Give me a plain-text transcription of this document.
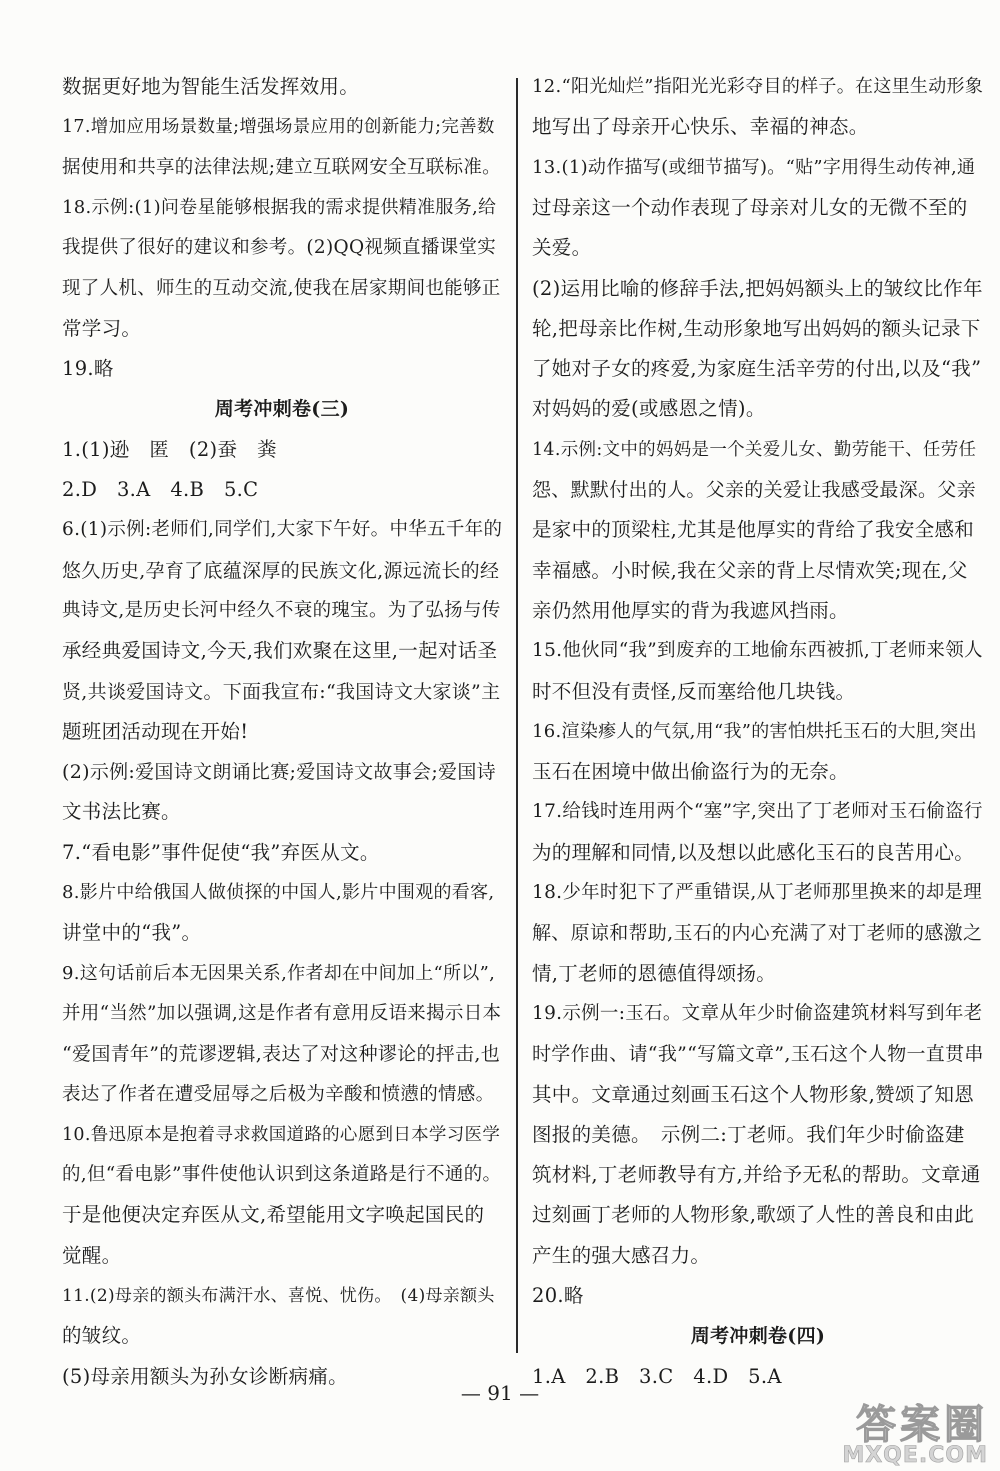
数据更好地为智能生活发挥效用。
17.增加应用场景数量;增强场景应用的创新能力;完善数
据使用和共享的法律法规;建立互联网安全互联标准。
18.示例:(1)问卷星能够根据我的需求提供精准服务,给
我提供了很好的建议和参考。(2)QQ视频直播课堂实
现了人机、师生的互动交流,使我在居家期间也能够正
常学习。
19.略
周考冲刺卷(三)
1.(1)逊　匿　(2)蚕　粪
2.D　3.A　4.B　5.C
6.(1)示例:老师们,同学们,大家下午好。中华五千年的
悠久历史,孕育了底蕴深厚的民族文化,源远流长的经
典诗文,是历史长河中经久不衰的瑰宝。为了弘扬与传
承经典爱国诗文,今天,我们欢聚在这里,一起对话圣
贤,共谈爱国诗文。下面我宣布:“我国诗文大家谈”主
题班团活动现在开始!
(2)示例:爱国诗文朗诵比赛;爱国诗文故事会;爱国诗
文书法比赛。
7.“看电影”事件促使“我”弃医从文。
8.影片中给俄国人做侦探的中国人,影片中围观的看客,
讲堂中的“我”。
9.这句话前后本无因果关系,作者却在中间加上“所以”,
并用“当然”加以强调,这是作者有意用反语来揭示日本
“爱国青年”的荒谬逻辑,表达了对这种谬论的抨击,也
表达了作者在遭受屈辱之后极为辛酸和愤懑的情感。
10.鲁迅原本是抱着寻求救国道路的心愿到日本学习医学
的,但“看电影”事件使他认识到这条道路是行不通的。
于是他便决定弃医从文,希望能用文字唤起国民的
觉醒。
11.(2)母亲的额头布满汗水、喜悦、忧伤。　(4)母亲额头
的皱纹。
(5)母亲用额头为孙女诊断病痛。
12.“阳光灿烂”指阳光光彩夺目的样子。在这里生动形象
地写出了母亲开心快乐、幸福的神态。
13.(1)动作描写(或细节描写)。“贴”字用得生动传神,通
过母亲这一个动作表现了母亲对儿女的无微不至的
关爱。
(2)运用比喻的修辞手法,把妈妈额头上的皱纹比作年
轮,把母亲比作树,生动形象地写出妈妈的额头记录下
了她对子女的疼爱,为家庭生活辛劳的付出,以及“我”
对妈妈的爱(或感恩之情)。
14.示例:文中的妈妈是一个关爱儿女、勤劳能干、任劳任
怨、默默付出的人。父亲的关爱让我感受最深。父亲
是家中的顶梁柱,尤其是他厚实的背给了我安全感和
幸福感。小时候,我在父亲的背上尽情欢笑;现在,父
亲仍然用他厚实的背为我遮风挡雨。
15.他伙同“我”到废弃的工地偷东西被抓,丁老师来领人
时不但没有责怪,反而塞给他几块钱。
16.渲染瘆人的气氛,用“我”的害怕烘托玉石的大胆,突出
玉石在困境中做出偷盗行为的无奈。
17.给钱时连用两个“塞”字,突出了丁老师对玉石偷盗行
为的理解和同情,以及想以此感化玉石的良苦用心。
18.少年时犯下了严重错误,从丁老师那里换来的却是理
解、原谅和帮助,玉石的内心充满了对丁老师的感激之
情,丁老师的恩德值得颂扬。
19.示例一:玉石。文章从年少时偷盗建筑材料写到年老
时学作曲、请“我”“写篇文章”,玉石这个人物一直贯串
其中。文章通过刻画玉石这个人物形象,赞颂了知恩
图报的美德。　示例二:丁老师。我们年少时偷盗建
筑材料,丁老师教导有方,并给予无私的帮助。文章通
过刻画丁老师的人物形象,歌颂了人性的善良和由此
产生的强大感召力。
20.略
周考冲刺卷(四)
1.A　2.B　3.C　4.D　5.A
— 91 —
答案圈
MXQE.COM
